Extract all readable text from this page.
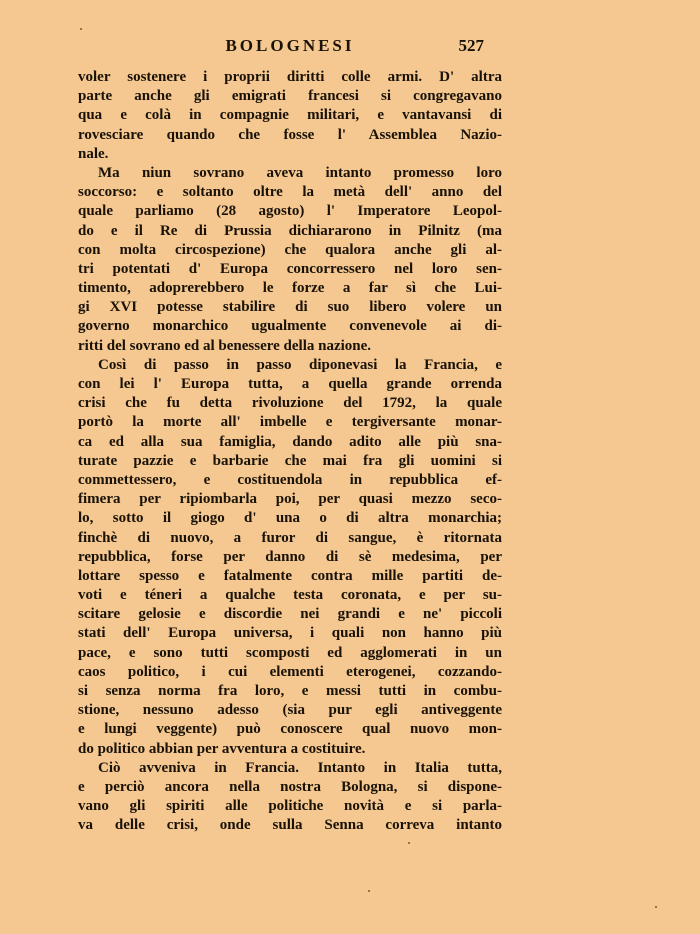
BOLOGNESI	527
voler sostenere i proprii diritti colle armi. D' altra
parte anche gli emigrati francesi si congregavano
qua e colà in compagnie militari, e vantavansi di
rovesciare quando che fosse l' Assemblea Nazio-
nale.
Ma niun sovrano aveva intanto promesso loro
soccorso: e soltanto oltre la metà dell' anno del
quale parliamo (28 agosto) l' Imperatore Leopol-
do e il Re di Prussia dichiararono in Pilnitz (ma
con molta circospezione) che qualora anche gli al-
tri potentati d' Europa concorressero nel loro sen-
timento, adoprerebbero le forze a far sì che Lui-
gi XVI potesse stabilire di suo libero volere un
governo monarchico ugualmente convenevole ai di-
ritti del sovrano ed al benessere della nazione.
Così di passo in passo diponevasi la Francia, e
con lei l' Europa tutta, a quella grande orrenda
crisi che fu detta rivoluzione del 1792, la quale
portò la morte all' imbelle e tergiversante monar-
ca ed alla sua famiglia, dando adito alle più sna-
turate pazzie e barbarie che mai fra gli uomini si
commettessero, e costituendola in repubblica ef-
fimera per ripiombarla poi, per quasi mezzo seco-
lo, sotto il giogo d' una o di altra monarchia;
finchè di nuovo, a furor di sangue, è ritornata
repubblica, forse per danno di sè medesima, per
lottare spesso e fatalmente contra mille partiti de-
voti e téneri a qualche testa coronata, e per su-
scitare gelosie e discordie nei grandi e ne' piccoli
stati dell' Europa universa, i quali non hanno più
pace, e sono tutti scomposti ed agglomerati in un
caos politico, i cui elementi eterogenei, cozzando-
si senza norma fra loro, e messi tutti in combu-
stione, nessuno adesso (sia pur egli antiveggente
e lungi veggente) può conoscere qual nuovo mon-
do politico abbian per avventura a costituire.
Ciò avveniva in Francia. Intanto in Italia tutta,
e perciò ancora nella nostra Bologna, si dispone-
vano gli spiriti alle politiche novità e si parla-
va delle crisi, onde sulla Senna correva intanto
